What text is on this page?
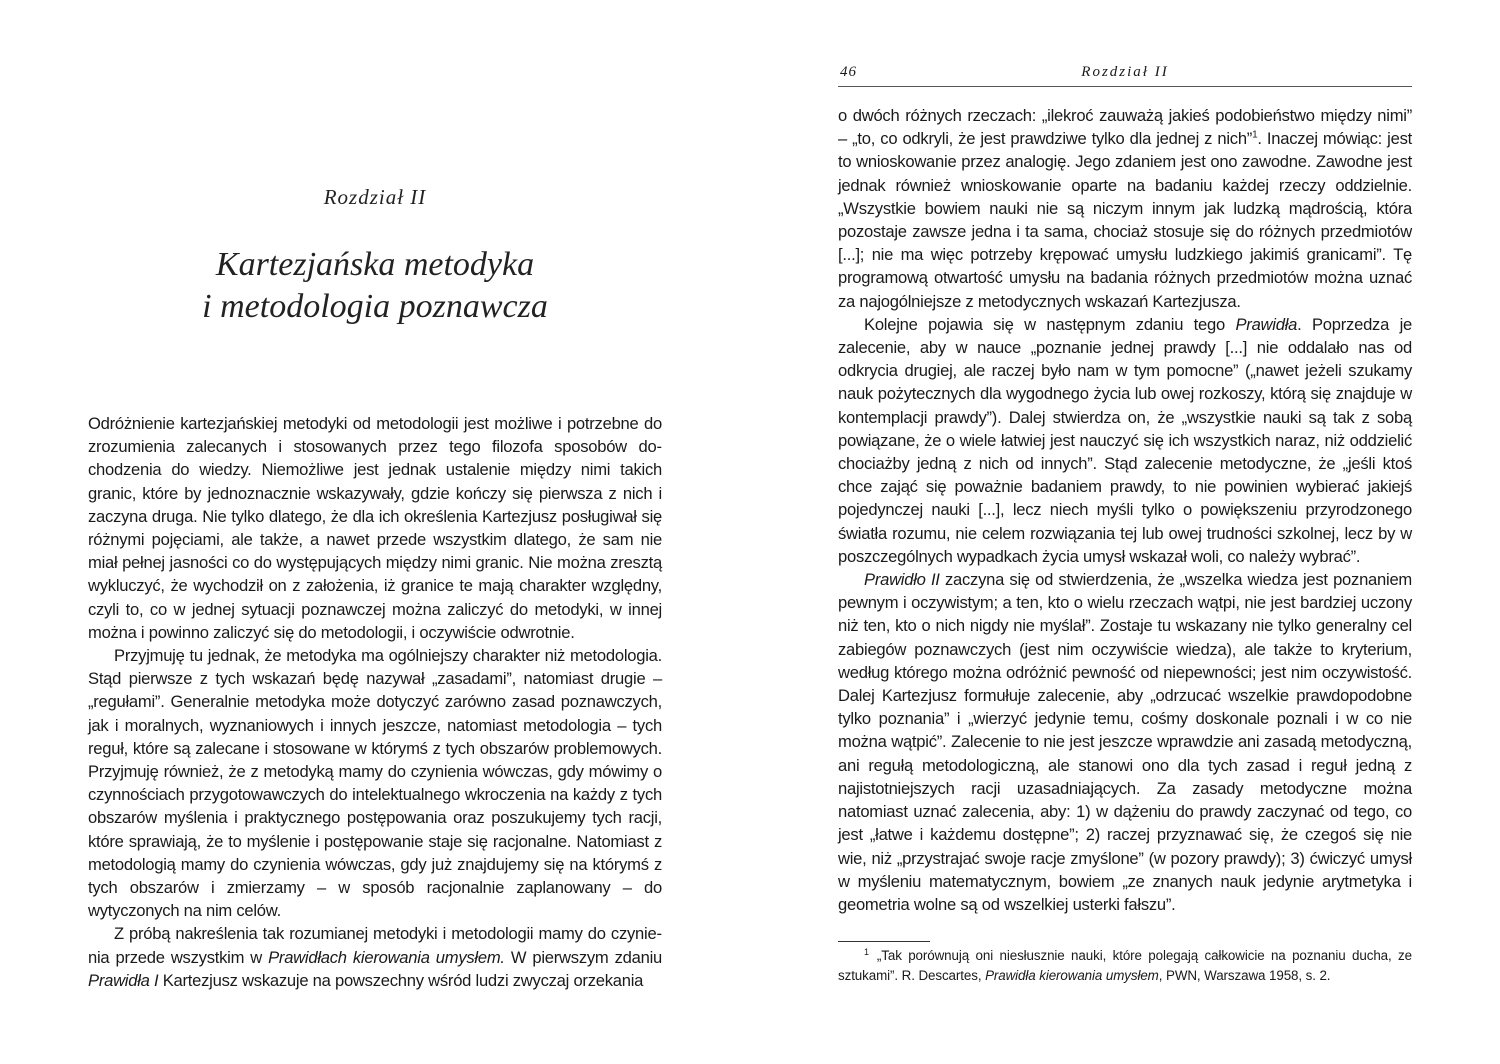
Rozdział II
Kartezjańska metodyka
i metodologia poznawcza

Odróżnienie kartezjańskiej metodyki od metodologii jest możliwe i potrzebne do zrozumienia zalecanych i stosowanych przez tego filozofa sposobów dochodzenia do wiedzy. Niemożliwe jest jednak ustalenie między nimi takich granic, które by jednoznacznie wskazywały, gdzie kończy się pierwsza z nich i zaczyna druga. Nie tylko dlatego, że dla ich określenia Kartezjusz posługiwał się różnymi pojęciami, ale także, a nawet przede wszystkim dlatego, że sam nie miał pełnej jasności co do występujących między nimi granic. Nie można zresztą wykluczyć, że wychodził on z założenia, iż granice te mają charakter względny, czyli to, co w jednej sytuacji poznawczej można zaliczyć do metodyki, w innej można i powinno zaliczyć się do metodologii, i oczywiście odwrotnie.

Przyjmuję tu jednak, że metodyka ma ogólniejszy charakter niż metodologia. Stąd pierwsze z tych wskazań będę nazywał „zasadami”, natomiast drugie – „regułami”. Generalnie metodyka może dotyczyć zarówno zasad poznawczych, jak i moralnych, wyznaniowych i innych jeszcze, natomiast metodologia – tych reguł, które są zalecane i stosowane w którymś z tych obszarów problemowych. Przyjmuję również, że z metodyką mamy do czynienia wówczas, gdy mówimy o czynnościach przygotowawczych do intelektualnego wkroczenia na każdy z tych obszarów myślenia i praktycznego postępowania oraz poszukujemy tych racji, które sprawiają, że to myślenie i postępowanie staje się racjonalne. Natomiast z metodologią mamy do czynienia wówczas, gdy już znajdujemy się na którymś z tych obszarów i zmierzamy – w sposób racjonalnie zaplanowany – do wytyczonych na nim celów.

Z próbą nakreślenia tak rozumianej metodyki i metodologii mamy do czynienia przede wszystkim w Prawidłach kierowania umysłem. W pierwszym zdaniu Prawidła I Kartezjusz wskazuje na powszechny wśród ludzi zwyczaj orzekania

46	Rozdział II

o dwóch różnych rzeczach: „ilekroć zauważą jakieś podobieństwo między nimi” – „to, co odkryli, że jest prawdziwe tylko dla jednej z nich”$^1$. Inaczej mówiąc: jest to wnioskowanie przez analogię. Jego zdaniem jest ono zawodne. Zawodne jest jednak również wnioskowanie oparte na badaniu każdej rzeczy oddzielnie. „Wszystkie bowiem nauki nie są niczym innym jak ludzką mądrością, która pozostaje zawsze jedna i ta sama, chociaż stosuje się do różnych przedmiotów [...]; nie ma więc potrzeby krępować umysłu ludzkiego jakimiś granicami”. Tę programową otwartość umysłu na badania różnych przedmiotów można uznać za najogólniejsze z metodycznych wskazań Kartezjusza.

Kolejne pojawia się w następnym zdaniu tego Prawidła. Poprzedza je zalecenie, aby w nauce „poznanie jednej prawdy [...] nie oddalało nas od odkrycia drugiej, ale raczej było nam w tym pomocne” („nawet jeżeli szukamy nauk pożytecznych dla wygodnego życia lub owej rozkoszy, którą się znajduje w kontemplacji prawdy”). Dalej stwierdza on, że „wszystkie nauki są tak z sobą powiązane, że o wiele łatwiej jest nauczyć się ich wszystkich naraz, niż oddzielić chociażby jedną z nich od innych”. Stąd zalecenie metodyczne, że „jeśli ktoś chce zająć się poważnie badaniem prawdy, to nie powinien wybierać jakiejś pojedynczej nauki [...], lecz niech myśli tylko o powiększeniu przyrodzonego światła rozumu, nie celem rozwiązania tej lub owej trudności szkolnej, lecz by w poszczególnych wypadkach życia umysł wskazał woli, co należy wybrać”.

Prawidło II zaczyna się od stwierdzenia, że „wszelka wiedza jest poznaniem pewnym i oczywistym; a ten, kto o wielu rzeczach wątpi, nie jest bardziej uczony niż ten, kto o nich nigdy nie myślał”. Zostaje tu wskazany nie tylko generalny cel zabiegów poznawczych (jest nim oczywiście wiedza), ale także to kryterium, według którego można odróżnić pewność od niepewności; jest nim oczywistość. Dalej Kartezjusz formułuje zalecenie, aby „odrzucać wszelkie prawdopodobne tylko poznania” i „wierzyć jedynie temu, cośmy doskonale poznali i w co nie można wątpić”. Zalecenie to nie jest jeszcze wprawdzie ani zasadą metodyczną, ani regułą metodologiczną, ale stanowi ono dla tych zasad i reguł jedną z najistotniejszych racji uzasadniających. Za zasady metodyczne można natomiast uznać zalecenia, aby: 1) w dążeniu do prawdy zaczynać od tego, co jest „łatwe i każdemu dostępne”; 2) raczej przyznawać się, że czegoś się nie wie, niż „przystrajać swoje racje zmyślone” (w pozory prawdy); 3) ćwiczyć umysł w myśleniu matematycznym, bowiem „ze znanych nauk jedynie arytmetyka i geometria wolne są od wszelkiej usterki fałszu”.

$^1$ „Tak porównują oni niesłusznie nauki, które polegają całkowicie na poznaniu ducha, ze sztukami”. R. Descartes, Prawidła kierowania umysłem, PWN, Warszawa 1958, s. 2.
